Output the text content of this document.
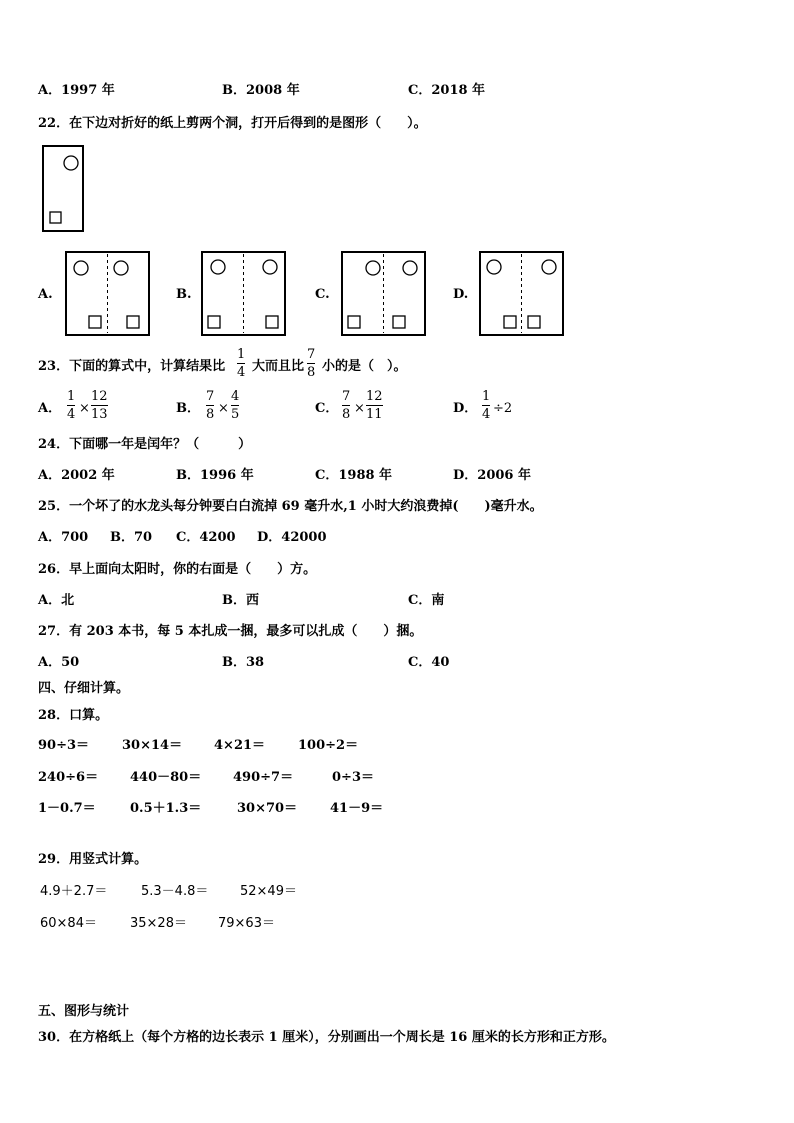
A．1997 年	B．2008 年	C．2018 年
22．在下边对折好的纸上剪两个洞，打开后得到的是图形（　　）。
A.	B.	C.	D.
23．下面的算式中，计算结果比
1
4 大而且比
7
8 小的是（　）。
A．
1
4 ×
12
13	B．
7
8 ×
4
5	C．
7
8 ×
12
11	D．
1
4 ÷2
24．下面哪一年是闰年？（　　　）
A．2002 年	B．1996 年	C．1988 年	D．2006 年
25．一个坏了的水龙头每分钟要白白流掉 69 毫升水,1 小时大约浪费掉(　　)毫升水。
A．700 B．70 C．4200 D．42000
26．早上面向太阳时，你的右面是（　　）方。
A．北	B．西	C．南
27．有 203 本书，每 5 本扎成一捆，最多可以扎成（　　）捆。
A．50	B．38	C．40
四、仔细计算。
28．口算。
90÷3＝	30×14＝ 4×21＝	100÷2＝
240÷6＝ 440－80＝ 490÷7＝	0÷3＝
1－0.7＝	0.5＋1.3＝	30×70＝	41－9＝
29．用竖式计算。
4.9＋2.7＝	5.3－4.8＝ 52×49＝
60×84＝	35×28＝ 79×63＝
五、图形与统计
30．在方格纸上（每个方格的边长表示 1 厘米），分别画出一个周长是 16 厘米的长方形和正方形。
